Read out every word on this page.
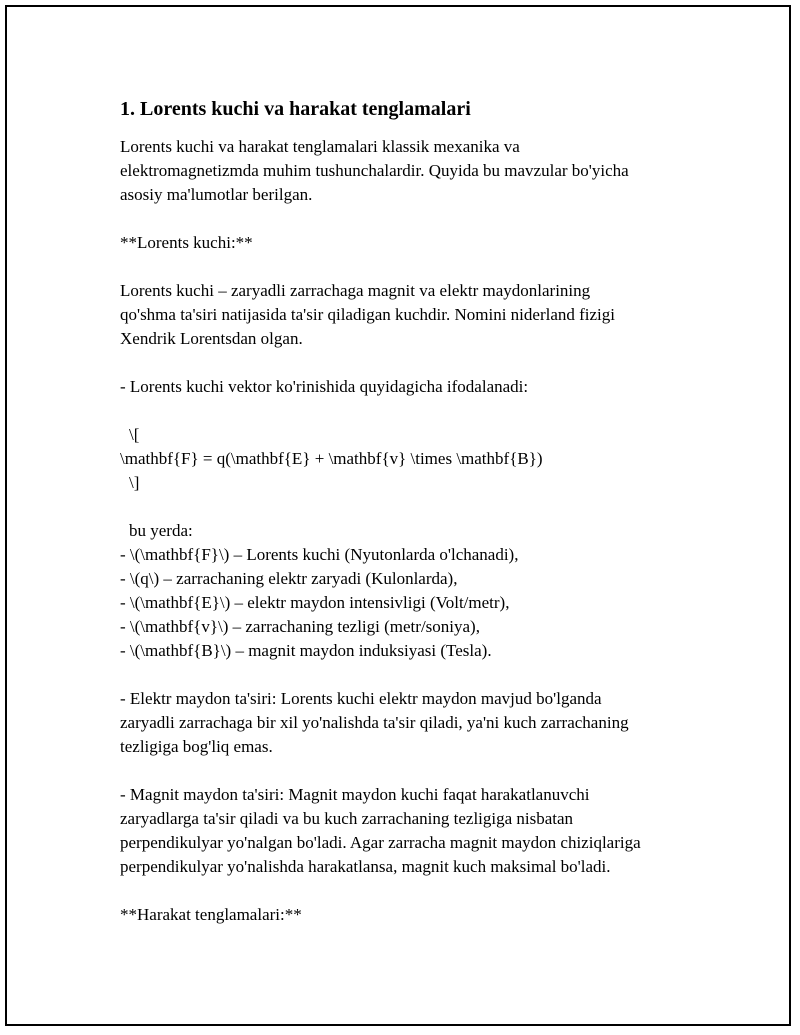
1. Lorents kuchi va harakat tenglamalari

Lorents kuchi va harakat tenglamalari klassik mexanika va
elektromagnetizmda muhim tushunchalardir. Quyida bu mavzular bo'yicha
asosiy ma'lumotlar berilgan.

**Lorents kuchi:**

Lorents kuchi – zaryadli zarrachaga magnit va elektr maydonlarining
qo'shma ta'siri natijasida ta'sir qiladigan kuchdir. Nomini niderland fizigi
Xendrik Lorentsdan olgan.

- Lorents kuchi vektor ko'rinishida quyidagicha ifodalanadi:

\[
\mathbf{F} = q(\mathbf{E} + \mathbf{v} \times \mathbf{B})
\]
bu yerda:
- \(\mathbf{F}\) – Lorents kuchi (Nyutonlarda o'lchanadi),
- \(q\) – zarrachaning elektr zaryadi (Kulonlarda),
- \(\mathbf{E}\) – elektr maydon intensivligi (Volt/metr),
- \(\mathbf{v}\) – zarrachaning tezligi (metr/soniya),
- \(\mathbf{B}\) – magnit maydon induksiyasi (Tesla).

- Elektr maydon ta'siri: Lorents kuchi elektr maydon mavjud bo'lganda
zaryadli zarrachaga bir xil yo'nalishda ta'sir qiladi, ya'ni kuch zarrachaning
tezligiga bog'liq emas.

- Magnit maydon ta'siri: Magnit maydon kuchi faqat harakatlanuvchi
zaryadlarga ta'sir qiladi va bu kuch zarrachaning tezligiga nisbatan
perpendikulyar yo'nalgan bo'ladi. Agar zarracha magnit maydon chiziqlariga
perpendikulyar yo'nalishda harakatlansa, magnit kuch maksimal bo'ladi.

**Harakat tenglamalari:**
